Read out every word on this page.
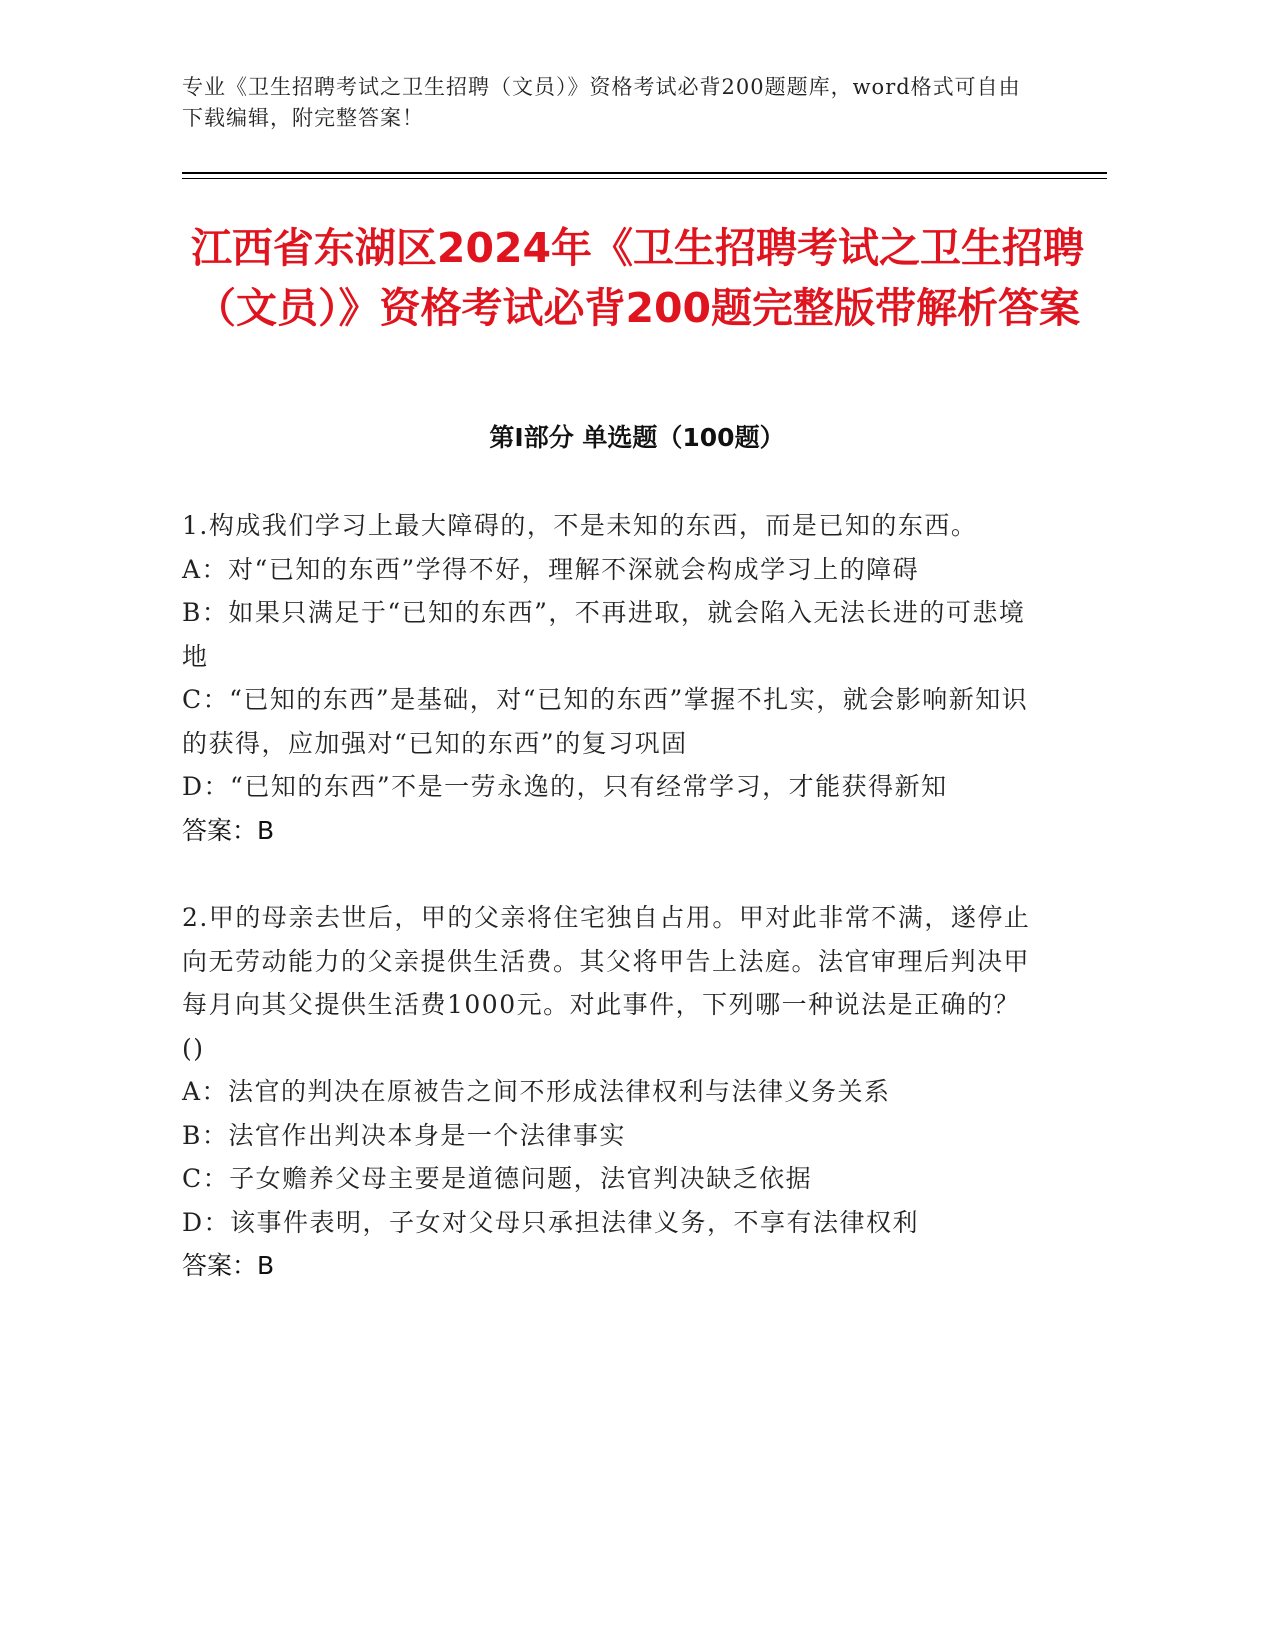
专业《卫生招聘考试之卫生招聘（文员）》资格考试必背200题题库，word格式可自由下载编辑，附完整答案！
江西省东湖区2024年《卫生招聘考试之卫生招聘（文员）》资格考试必背200题完整版带解析答案
第Ⅰ部分 单选题（100题）
1.构成我们学习上最大障碍的，不是未知的东西，而是已知的东西。
A：对“已知的东西”学得不好，理解不深就会构成学习上的障碍
B：如果只满足于“已知的东西”，不再进取，就会陷入无法长进的可悲境地
C：“已知的东西”是基础，对“已知的东西”掌握不扎实，就会影响新知识的获得，应加强对“已知的东西”的复习巩固
D：“已知的东西”不是一劳永逸的，只有经常学习，才能获得新知
答案：B
2.甲的母亲去世后，甲的父亲将住宅独自占用。甲对此非常不满，遂停止向无劳动能力的父亲提供生活费。其父将甲告上法庭。法官审理后判决甲每月向其父提供生活费1000元。对此事件，下列哪一种说法是正确的？()
A：法官的判决在原被告之间不形成法律权利与法律义务关系
B：法官作出判决本身是一个法律事实
C：子女赡养父母主要是道德问题，法官判决缺乏依据
D：该事件表明，子女对父母只承担法律义务，不享有法律权利
答案：B
